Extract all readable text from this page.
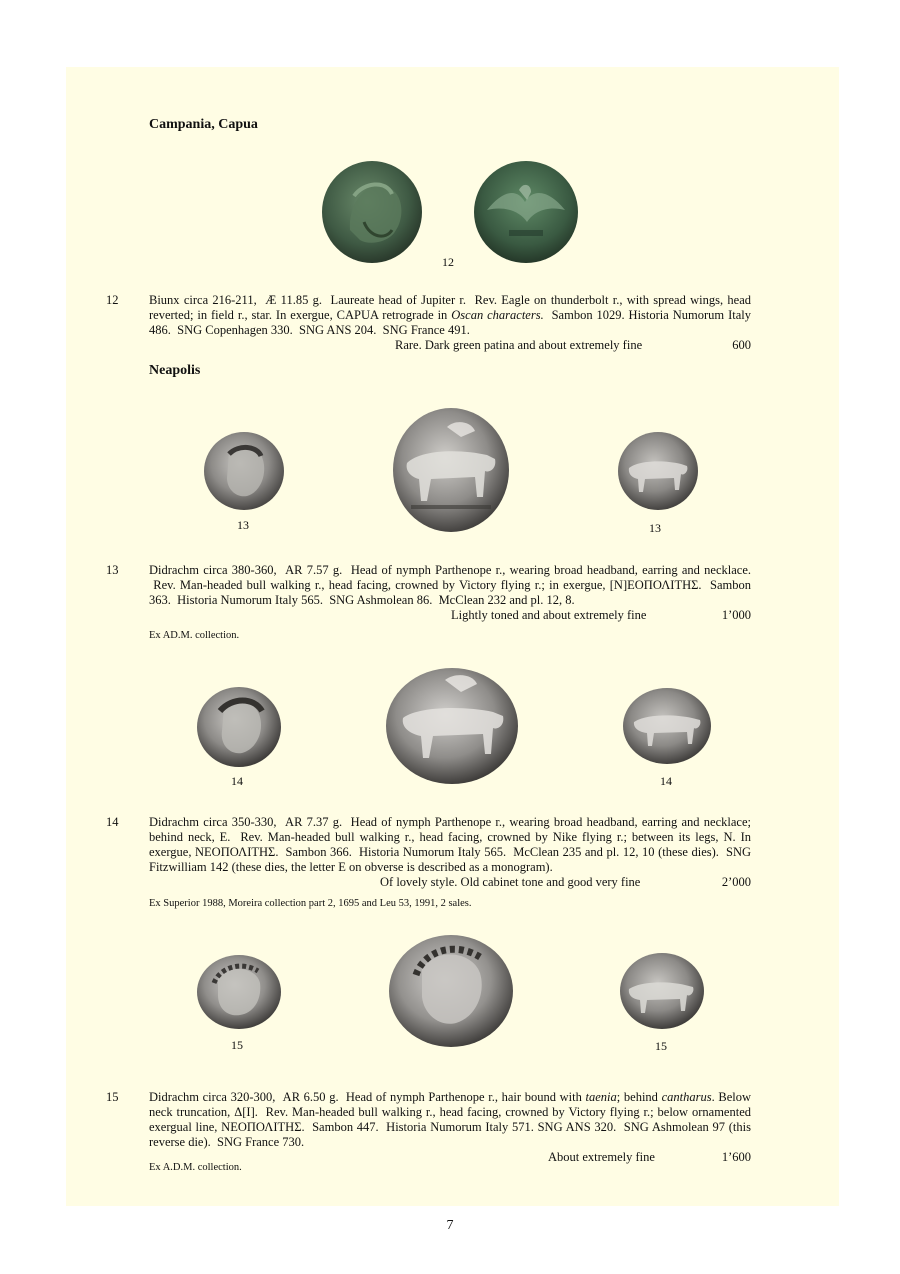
Campania, Capua
12
12 Biunx circa 216-211,  Æ 11.85 g.  Laureate head of Jupiter r.  Rev. Eagle on thunderbolt r., with spread wings, head reverted; in field r., star. In exergue, CAPUA retrograde in Oscan characters.  Sambon 1029. Historia Numorum Italy 486.  SNG Copenhagen 330.  SNG ANS 204.  SNG France 491.

Rare. Dark green patina and about extremely fine	600
Neapolis
13	13
13 Didrachm circa 380-360,  AR 7.57 g.  Head of nymph Parthenope r., wearing broad headband, earring and necklace.  Rev. Man-headed bull walking r., head facing, crowned by Victory flying r.; in exergue, [N]ΕΟΠΟΛΙΤΗΣ.  Sambon 363.  Historia Numorum Italy 565.  SNG Ashmolean 86.  McClean 232 and pl. 12, 8.

Lightly toned and about extremely fine	1’000
Ex AD.M. collection.
14	14
14 Didrachm circa 350-330,  AR 7.37 g.  Head of nymph Parthenope r., wearing broad headband, earring and necklace; behind neck, E.  Rev. Man-headed bull walking r., head facing, crowned by Nike flying r.; between its legs, N. In exergue, ΝΕΟΠΟΛΙΤΗΣ.  Sambon 366.  Historia Numorum Italy 565.  McClean 235 and pl. 12, 10 (these dies).  SNG Fitzwilliam 142 (these dies, the letter E on obverse is described as a monogram).

Of lovely style. Old cabinet tone and good very fine	2’000
Ex Superior 1988, Moreira collection part 2, 1695 and Leu 53, 1991, 2 sales.
15	15
15 Didrachm circa 320-300,  AR 6.50 g.  Head of nymph Parthenope r., hair bound with taenia; behind cantharus. Below neck truncation, Δ[Ι].  Rev. Man-headed bull walking r., head facing, crowned by Victory flying r.; below ornamented exergual line, ΝΕΟΠΟΛΙΤΗΣ.  Sambon 447.  Historia Numorum Italy 571. SNG ANS 320.  SNG Ashmolean 97 (this reverse die).  SNG France 730.

About extremely fine	1’600
Ex A.D.M. collection.
7
